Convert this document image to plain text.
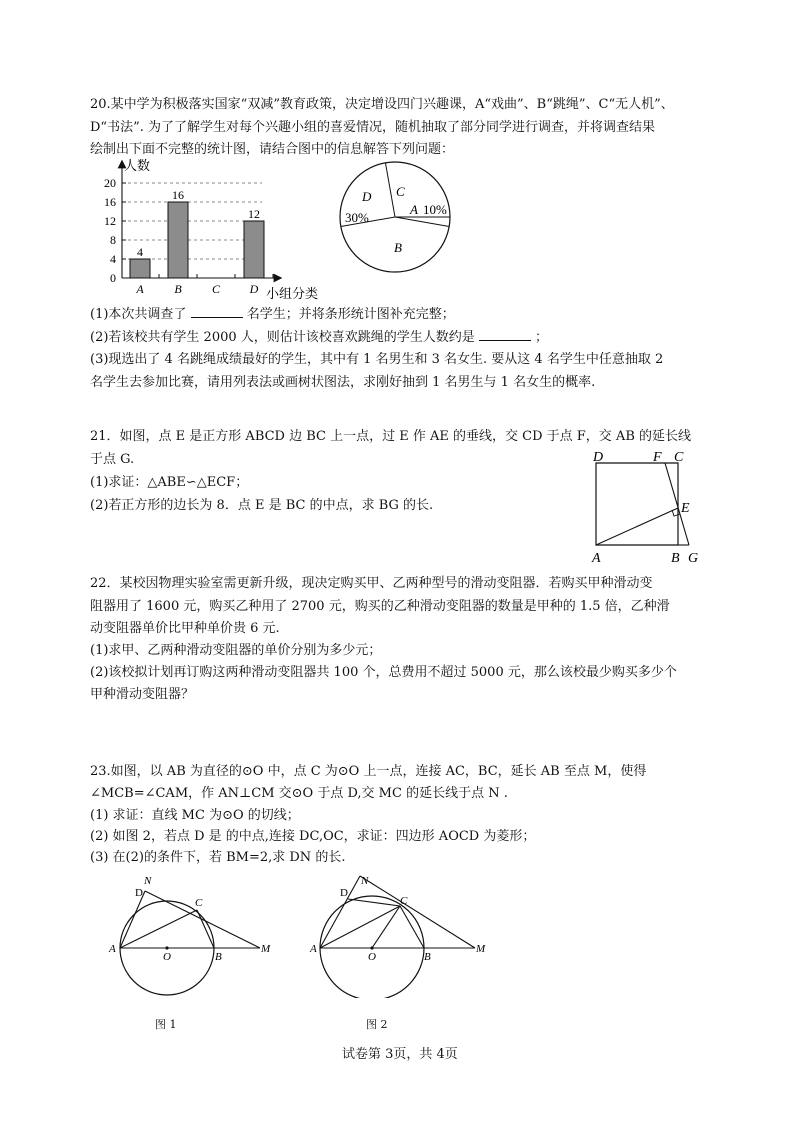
20.某中学为积极落实国家“双减”教育政策，决定增设四门兴趣课，A“戏曲”、B“跳绳”、C“无人机”、
D“书法”. 为了了解学生对每个兴趣小组的喜爱情况，随机抽取了部分同学进行调查，并将调查结果
绘制出下面不完整的统计图，请结合图中的信息解答下列问题：
0
4
8
12
16
20
4
A
16
B	C
12
D
人数
小组分类
D C
A
B
30%
10%
(1)本次共调查了	名学生；并将条形统计图补充完整；
(2)若该校共有学生 2000 人，则估计该校喜欢跳绳的学生人数约是	；
(3)现选出了 4 名跳绳成绩最好的学生，其中有 1 名男生和 3 名女生. 要从这 4 名学生中任意抽取 2
名学生去参加比赛，请用列表法或画树状图法，求刚好抽到 1 名男生与 1 名女生的概率.
21．如图，点 E 是正方形 ABCD 边 BC 上一点，过 E 作 AE 的垂线，交 CD 于点 F，交 AB 的延长线
于点 G.
(1)求证：△ABE∽△ECF；
(2)若正方形的边长为 8．点 E 是 BC 的中点，求 BG 的长.
D	F C
E
A	B G
22．某校因物理实验室需更新升级，现决定购买甲、乙两种型号的滑动变阻器．若购买甲种滑动变
阻器用了 1600 元，购买乙种用了 2700 元，购买的乙种滑动变阻器的数量是甲种的 1.5 倍，乙种滑
动变阻器单价比甲种单价贵 6 元.
(1)求甲、乙两种滑动变阻器的单价分别为多少元；
(2)该校拟计划再订购这两种滑动变阻器共 100 个，总费用不超过 5000 元，那么该校最少购买多少个
甲种滑动变阻器？
23.如图，以 AB 为直径的⊙O 中，点 C 为⊙O 上一点，连接 AC，BC，延长 AB 至点 M，使得
∠MCB=∠CAM，作 AN⊥CM 交⊙O 于点 D,交 MC 的延长线于点 N .
(1) 求证：直线 MC 为⊙O 的切线；
(2) 如图 2，若点 D 是 的中点,连接 DC,OC，求证：四边形 AOCD 为菱形；
(3) 在(2)的条件下，若 BM=2,求 DN 的长.
N
D
C
A
O	B
M
N
D
C
A
O	B
M
图 1	图 2
试卷第 3页，共 4页
